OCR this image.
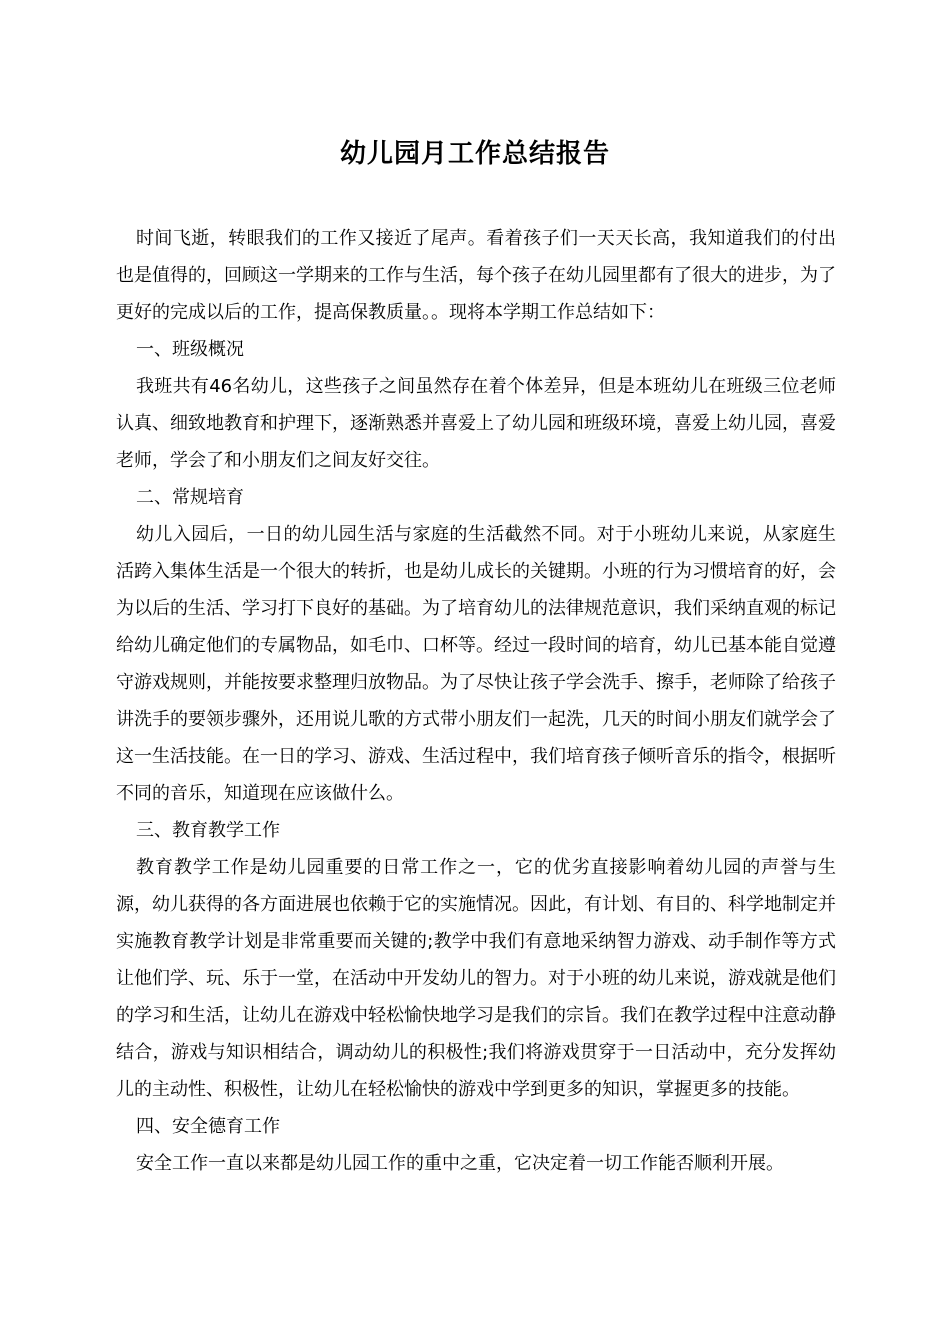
幼儿园月工作总结报告

时间飞逝，转眼我们的工作又接近了尾声。看着孩子们一天天长高，我知道我们的付出也是值得的，回顾这一学期来的工作与生活，每个孩子在幼儿园里都有了很大的进步，为了更好的完成以后的工作，提高保教质量。。现将本学期工作总结如下：

一、班级概况

我班共有46名幼儿，这些孩子之间虽然存在着个体差异，但是本班幼儿在班级三位老师认真、细致地教育和护理下，逐渐熟悉并喜爱上了幼儿园和班级环境，喜爱上幼儿园，喜爱老师，学会了和小朋友们之间友好交往。

二、常规培育

幼儿入园后，一日的幼儿园生活与家庭的生活截然不同。对于小班幼儿来说，从家庭生活跨入集体生活是一个很大的转折，也是幼儿成长的关键期。小班的行为习惯培育的好，会为以后的生活、学习打下良好的基础。为了培育幼儿的法律规范意识，我们采纳直观的标记给幼儿确定他们的专属物品，如毛巾、口杯等。经过一段时间的培育，幼儿已基本能自觉遵守游戏规则，并能按要求整理归放物品。为了尽快让孩子学会洗手、擦手，老师除了给孩子讲洗手的要领步骤外，还用说儿歌的方式带小朋友们一起洗，几天的时间小朋友们就学会了这一生活技能。在一日的学习、游戏、生活过程中，我们培育孩子倾听音乐的指令，根据听不同的音乐，知道现在应该做什么。

三、教育教学工作

教育教学工作是幼儿园重要的日常工作之一，它的优劣直接影响着幼儿园的声誉与生源，幼儿获得的各方面进展也依赖于它的实施情况。因此，有计划、有目的、科学地制定并实施教育教学计划是非常重要而关键的;教学中我们有意地采纳智力游戏、动手制作等方式让他们学、玩、乐于一堂，在活动中开发幼儿的智力。对于小班的幼儿来说，游戏就是他们的学习和生活，让幼儿在游戏中轻松愉快地学习是我们的宗旨。我们在教学过程中注意动静结合，游戏与知识相结合，调动幼儿的积极性;我们将游戏贯穿于一日活动中，充分发挥幼儿的主动性、积极性，让幼儿在轻松愉快的游戏中学到更多的知识，掌握更多的技能。

四、安全德育工作

安全工作一直以来都是幼儿园工作的重中之重，它决定着一切工作能否顺利开展。
